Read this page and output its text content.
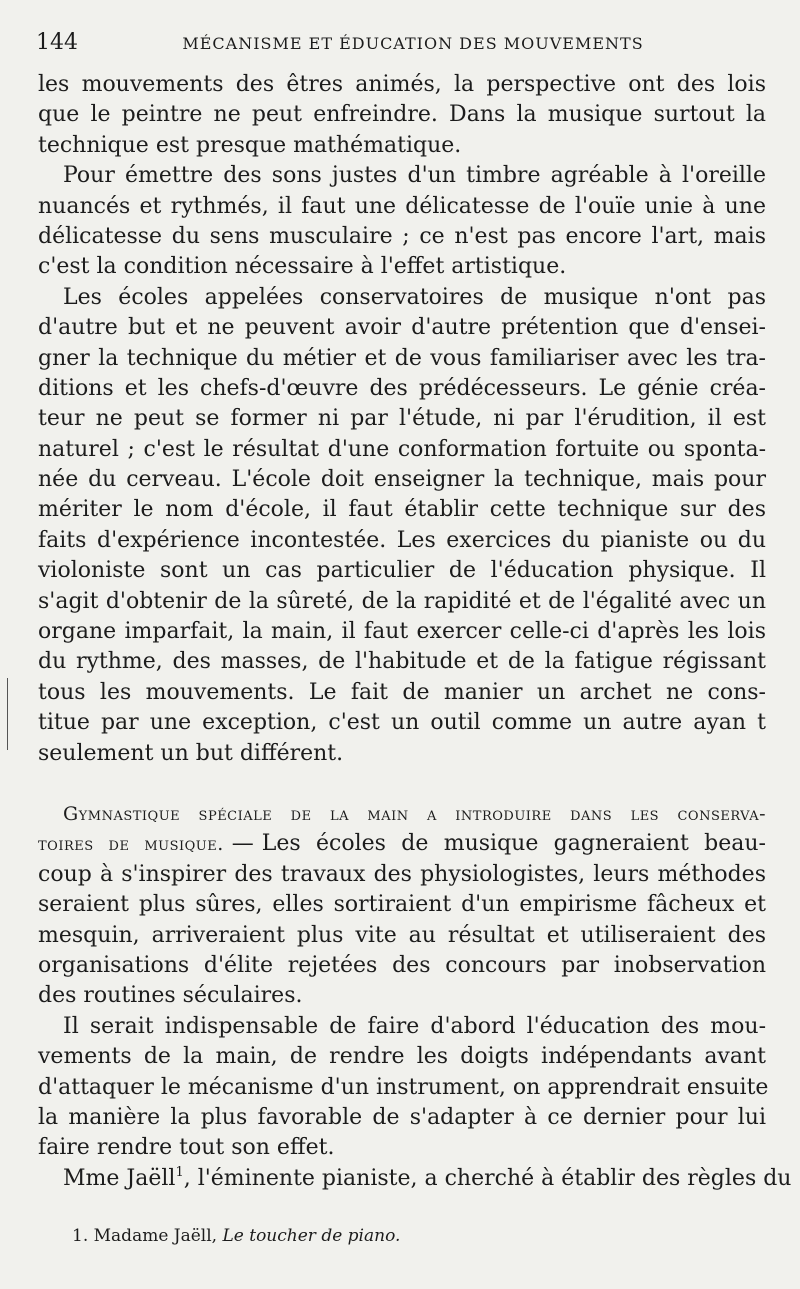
144	MÉCANISME ET ÉDUCATION DES MOUVEMENTS
les mouvements des êtres animés, la perspective ont des lois
que le peintre ne peut enfreindre. Dans la musique surtout la
technique est presque mathématique.
Pour émettre des sons justes d'un timbre agréable à l'oreille
nuancés et rythmés, il faut une délicatesse de l'ouïe unie à une
délicatesse du sens musculaire ; ce n'est pas encore l'art, mais
c'est la condition nécessaire à l'effet artistique.
Les écoles appelées conservatoires de musique n'ont pas
d'autre but et ne peuvent avoir d'autre prétention que d'ensei-
gner la technique du métier et de vous familiariser avec les tra-
ditions et les chefs-d'œuvre des prédécesseurs. Le génie créa-
teur ne peut se former ni par l'étude, ni par l'érudition, il est
naturel ; c'est le résultat d'une conformation fortuite ou sponta-
née du cerveau. L'école doit enseigner la technique, mais pour
mériter le nom d'école, il faut établir cette technique sur des
faits d'expérience incontestée. Les exercices du pianiste ou du
violoniste sont un cas particulier de l'éducation physique. Il
s'agit d'obtenir de la sûreté, de la rapidité et de l'égalité avec un
organe imparfait, la main, il faut exercer celle-ci d'après les lois
du rythme, des masses, de l'habitude et de la fatigue régissant
tous les mouvements. Le fait de manier un archet ne cons-
titue par une exception, c'est un outil comme un autre ayan t
seulement un but différent.
Gymnastique spéciale de la main a introduire dans les conserva-
toires de musique. — Les écoles de musique gagneraient beau-
coup à s'inspirer des travaux des physiologistes, leurs méthodes
seraient plus sûres, elles sortiraient d'un empirisme fâcheux et
mesquin, arriveraient plus vite au résultat et utiliseraient des
organisations d'élite rejetées des concours par inobservation
des routines séculaires.
Il serait indispensable de faire d'abord l'éducation des mou-
vements de la main, de rendre les doigts indépendants avant
d'attaquer le mécanisme d'un instrument, on apprendrait ensuite
la manière la plus favorable de s'adapter à ce dernier pour lui
faire rendre tout son effet.
Mme Jaëll$^1$, l'éminente pianiste, a cherché à établir des règles du
1. Madame Jaëll, Le toucher de piano.
